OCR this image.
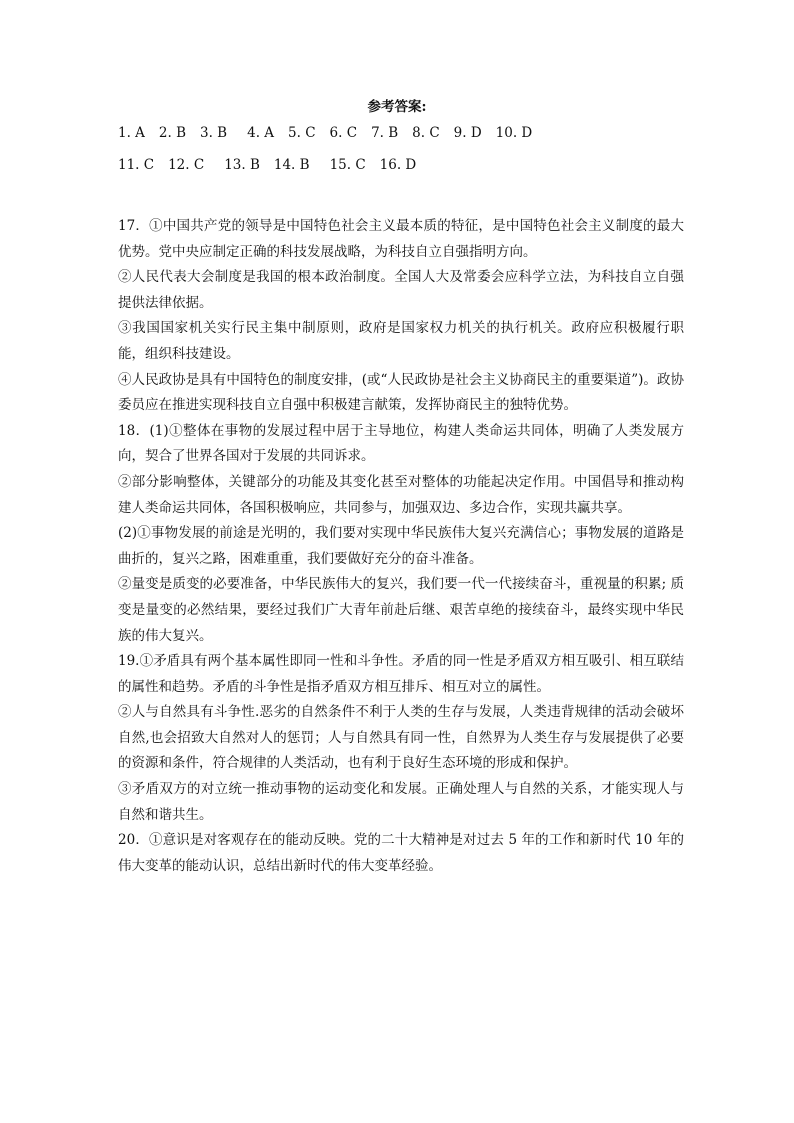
参考答案:
1. A 2. B 3. B 4. A 5. C 6. C 7. B 8. C 9. D 10. D
11. C 12. C 13. B 14. B 15. C 16. D

17．①中国共产党的领导是中国特色社会主义最本质的特征，是中国特色社会主义制度的最大优势。党中央应制定正确的科技发展战略，为科技自立自强指明方向。

②人民代表大会制度是我国的根本政治制度。全国人大及常委会应科学立法，为科技自立自强提供法律依据。

③我国国家机关实行民主集中制原则，政府是国家权力机关的执行机关。政府应积极履行职能，组织科技建设。

④人民政协是具有中国特色的制度安排，(或“人民政协是社会主义协商民主的重要渠道”)。政协委员应在推进实现科技自立自强中积极建言献策，发挥协商民主的独特优势。

18．(1)①整体在事物的发展过程中居于主导地位，构建人类命运共同体，明确了人类发展方向，契合了世界各国对于发展的共同诉求。

②部分影响整体，关键部分的功能及其变化甚至对整体的功能起决定作用。中国倡导和推动构建人类命运共同体，各国积极响应，共同参与，加强双边、多边合作，实现共赢共享。

(2)①事物发展的前途是光明的，我们要对实现中华民族伟大复兴充满信心；事物发展的道路是曲折的，复兴之路，困难重重，我们要做好充分的奋斗准备。

②量变是质变的必要准备，中华民族伟大的复兴，我们要一代一代接续奋斗，重视量的积累; 质变是量变的必然结果，要经过我们广大青年前赴后继、艰苦卓绝的接续奋斗，最终实现中华民族的伟大复兴。

19.①矛盾具有两个基本属性即同一性和斗争性。矛盾的同一性是矛盾双方相互吸引、相互联结的属性和趋势。矛盾的斗争性是指矛盾双方相互排斥、相互对立的属性。

②人与自然具有斗争性.恶劣的自然条件不利于人类的生存与发展，人类违背规律的活动会破坏自然,也会招致大自然对人的惩罚；人与自然具有同一性，自然界为人类生存与发展提供了必要的资源和条件，符合规律的人类活动，也有利于良好生态环境的形成和保护。

③矛盾双方的对立统一推动事物的运动变化和发展。正确处理人与自然的关系，才能实现人与自然和谐共生。

20．①意识是对客观存在的能动反映。党的二十大精神是对过去 5 年的工作和新时代 10 年的伟大变革的能动认识，总结出新时代的伟大变革经验。
